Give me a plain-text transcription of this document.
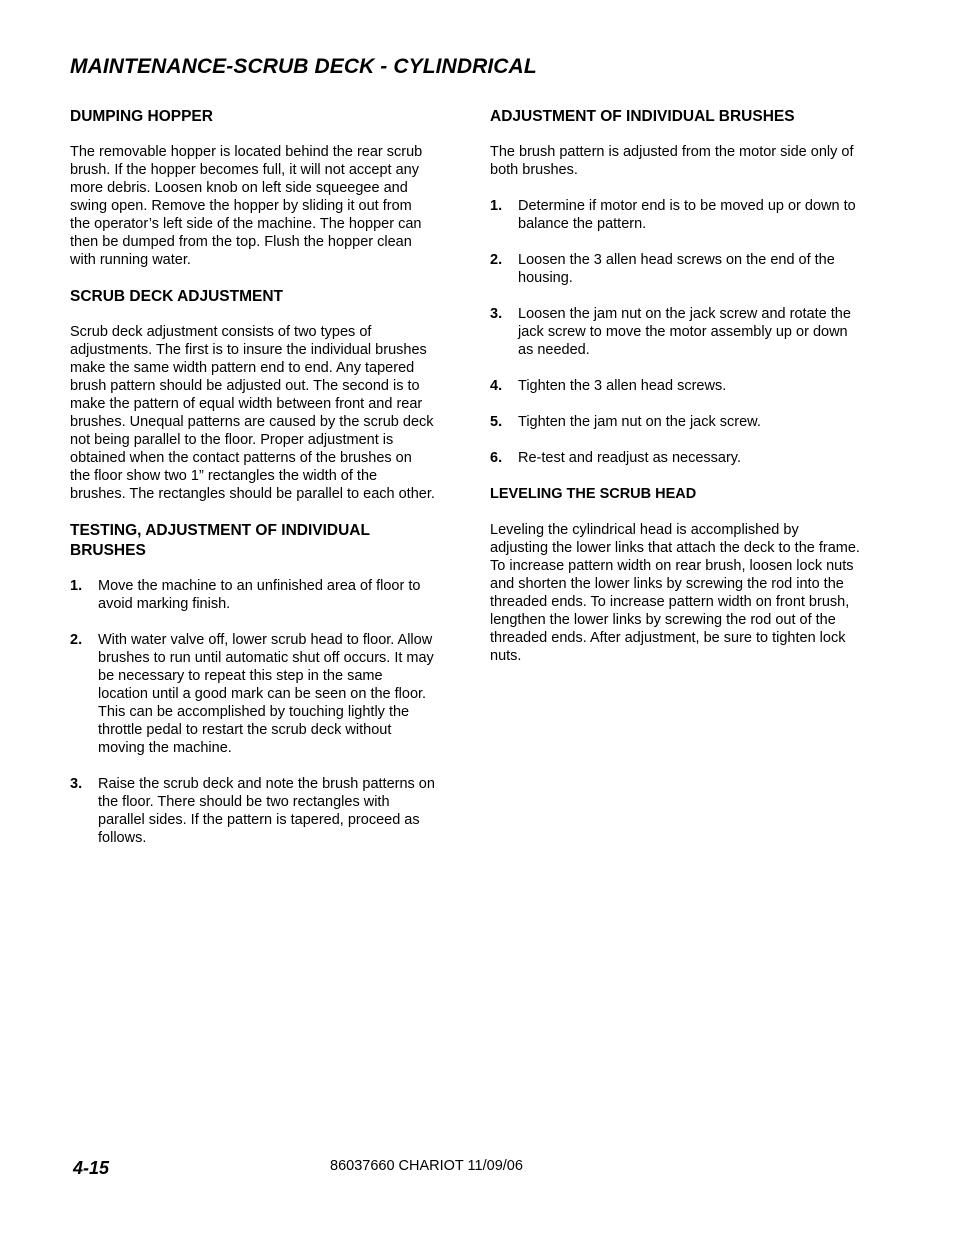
MAINTENANCE-SCRUB DECK - CYLINDRICAL
DUMPING HOPPER
The removable hopper is located behind the rear scrub brush. If the hopper becomes full, it will not accept any more debris. Loosen knob on left side squeegee and swing open. Remove the hopper by sliding it out from the operator’s left side of the machine. The hopper can then be dumped from the top. Flush the hopper clean with running water.
SCRUB DECK ADJUSTMENT
Scrub deck adjustment consists of two types of adjustments. The first is to insure the individual brushes make the same width pattern end to end. Any tapered brush pattern should be adjusted out. The second is to make the pattern of equal width between front and rear brushes. Unequal patterns are caused by the scrub deck not being parallel to the floor. Proper adjustment is obtained when the contact patterns of the brushes on the floor show two 1” rectangles the width of the brushes. The rectangles should be parallel to each other.
TESTING, ADJUSTMENT OF INDIVIDUAL BRUSHES
1.	Move the machine to an unfinished area of floor to avoid marking finish.
2.	With water valve off, lower scrub head to floor. Allow brushes to run until automatic shut off occurs. It may be necessary to repeat this step in the same location until a good mark can be seen on the floor. This can be accomplished by touching lightly the throttle pedal to restart the scrub deck without moving the machine.
3.	Raise the scrub deck and note the brush patterns on the floor. There should be two rectangles with parallel sides. If the pattern is tapered, proceed as follows.
ADJUSTMENT OF INDIVIDUAL BRUSHES
The brush pattern is adjusted from the motor side only of both brushes.
1.	Determine if motor end is to be moved up or down to balance the pattern.
2.	Loosen the 3 allen head screws on the end of the housing.
3.	Loosen the jam nut on the jack screw and rotate the jack screw to move the motor assembly up or down as needed.
4.	Tighten the 3 allen head screws.
5.	Tighten the jam nut on the jack screw.
6.	Re-test and readjust as necessary.
LEVELING THE SCRUB HEAD
Leveling the cylindrical head is accomplished by adjusting the lower links that attach the deck to the frame. To increase pattern width on rear brush, loosen lock nuts and shorten the lower links by screwing the rod into the threaded ends. To increase pattern width on front brush, lengthen the lower links by screwing the rod out of the threaded ends. After adjustment, be sure to tighten lock nuts.
4-15	86037660 CHARIOT 11/09/06
